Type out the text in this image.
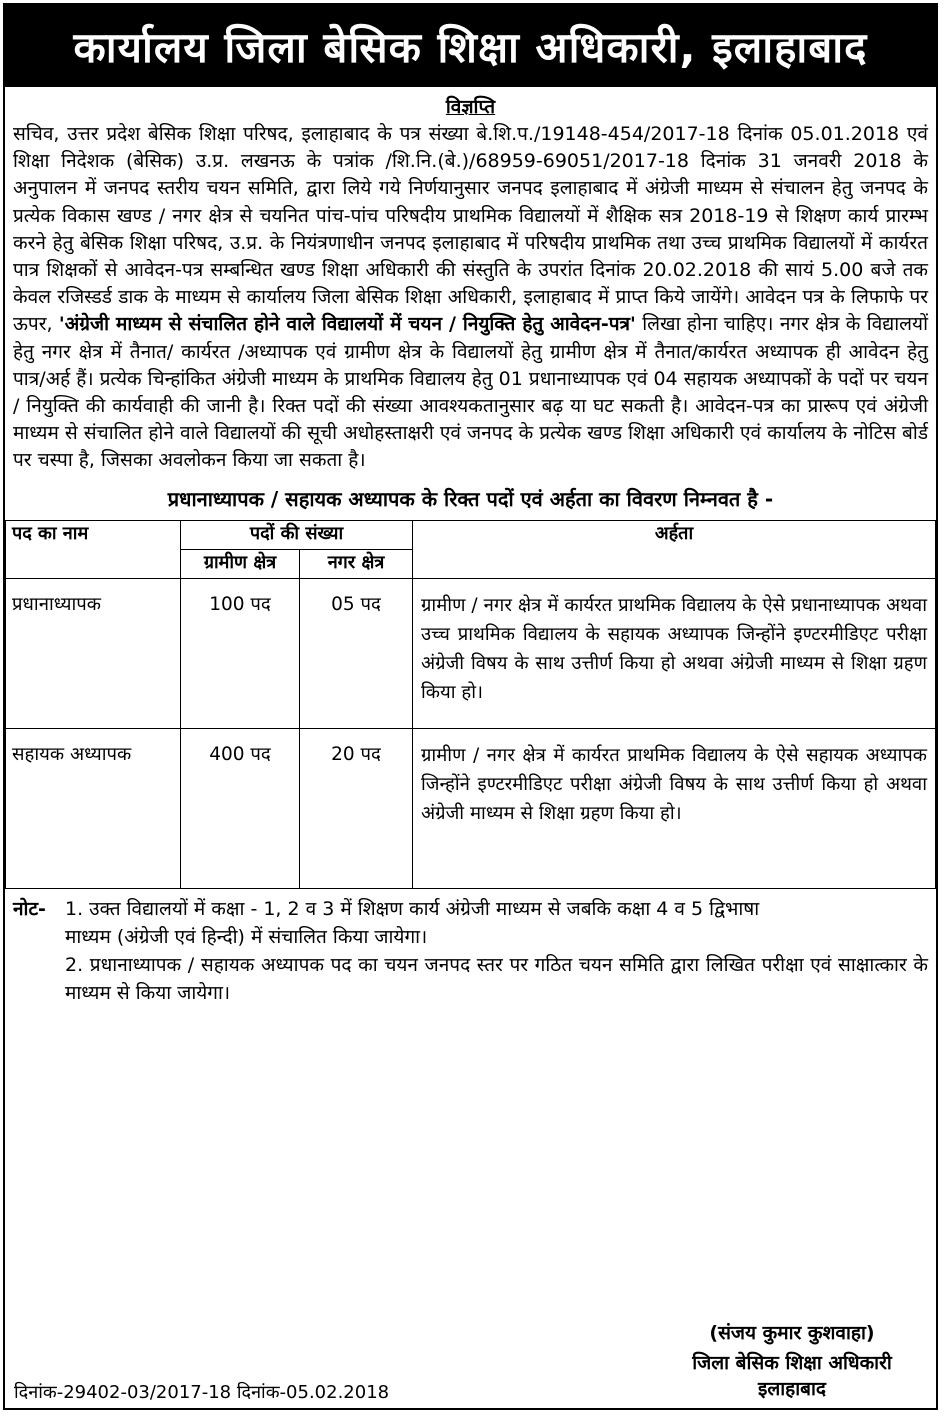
कार्यालय जिला बेसिक शिक्षा अधिकारी, इलाहाबाद
विज्ञप्ति
सचिव, उत्तर प्रदेश बेसिक शिक्षा परिषद, इलाहाबाद के पत्र संख्या बे.शि.प./19148-454/2017-18 दिनांक 05.01.2018 एवं शिक्षा निदेशक (बेसिक) उ.प्र. लखनऊ के पत्रांक /शि.नि.(बे.)/68959-69051/2017-18 दिनांक 31 जनवरी 2018 के अनुपालन में जनपद स्तरीय चयन समिति, द्वारा लिये गये निर्णयानुसार जनपद इलाहाबाद में अंग्रेजी माध्यम से संचालन हेतु जनपद के प्रत्येक विकास खण्ड / नगर क्षेत्र से चयनित पांच-पांच परिषदीय प्राथमिक विद्यालयों में शैक्षिक सत्र 2018-19 से शिक्षण कार्य प्रारम्भ करने हेतु बेसिक शिक्षा परिषद, उ.प्र. के नियंत्रणाधीन जनपद इलाहाबाद में परिषदीय प्राथमिक तथा उच्च प्राथमिक विद्यालयों में कार्यरत पात्र शिक्षकों से आवेदन-पत्र सम्बन्धित खण्ड शिक्षा अधिकारी की संस्तुति के उपरांत दिनांक 20.02.2018 की सायं 5.00 बजे तक केवल रजिस्डर्ड डाक के माध्यम से कार्यालय जिला बेसिक शिक्षा अधिकारी, इलाहाबाद में प्राप्त किये जायेंगे। आवेदन पत्र के लिफाफे पर ऊपर, 'अंग्रेजी माध्यम से संचालित होने वाले विद्यालयों में चयन / नियुक्ति हेतु आवेदन-पत्र' लिखा होना चाहिए। नगर क्षेत्र के विद्यालयों हेतु नगर क्षेत्र में तैनात/ कार्यरत /अध्यापक एवं ग्रामीण क्षेत्र के विद्यालयों हेतु ग्रामीण क्षेत्र में तैनात/कार्यरत अध्यापक ही आवेदन हेतु पात्र/अर्ह हैं। प्रत्येक चिन्हांकित अंग्रेजी माध्यम के प्राथमिक विद्यालय हेतु 01 प्रधानाध्यापक एवं 04 सहायक अध्यापकों के पदों पर चयन / नियुक्ति की कार्यवाही की जानी है। रिक्त पदों की संख्या आवश्यकतानुसार बढ़ या घट सकती है। आवेदन-पत्र का प्रारूप एवं अंग्रेजी माध्यम से संचालित होने वाले विद्यालयों की सूची अधोहस्ताक्षरी एवं जनपद के प्रत्येक खण्ड शिक्षा अधिकारी एवं कार्यालय के नोटिस बोर्ड पर चस्पा है, जिसका अवलोकन किया जा सकता है।
प्रधानाध्यापक / सहायक अध्यापक के रिक्त पदों एवं अर्हता का विवरण निम्नवत है -
पद का नाम	पदों की संख्या		अर्हता
	ग्रामीण क्षेत्र	नगर क्षेत्र	
प्रधानाध्यापक	100 पद	05 पद	ग्रामीण / नगर क्षेत्र में कार्यरत प्राथमिक विद्यालय के ऐसे प्रधानाध्यापक अथवा उच्च प्राथमिक विद्यालय के सहायक अध्यापक जिन्होंने इण्टरमीडिएट परीक्षा अंग्रेजी विषय के साथ उत्तीर्ण किया हो अथवा अंग्रेजी माध्यम से शिक्षा ग्रहण किया हो।
सहायक अध्यापक	400 पद	20 पद	ग्रामीण / नगर क्षेत्र में कार्यरत प्राथमिक विद्यालय के ऐसे सहायक अध्यापक जिन्होंने इण्टरमीडिएट परीक्षा अंग्रेजी विषय के साथ उत्तीर्ण किया हो अथवा अंग्रेजी माध्यम से शिक्षा ग्रहण किया हो।
नोट-	1. उक्त विद्यालयों में कक्षा - 1, 2 व 3 में शिक्षण कार्य अंग्रेजी माध्यम से जबकि कक्षा 4 व 5 द्विभाषा
माध्यम (अंग्रेजी एवं हिन्दी) में संचालित किया जायेगा।
2. प्रधानाध्यापक / सहायक अध्यापक पद का चयन जनपद स्तर पर गठित चयन समिति द्वारा लिखित परीक्षा एवं साक्षात्कार के माध्यम से किया जायेगा।
(संजय कुमार कुशवाहा)
जिला बेसिक शिक्षा अधिकारी
इलाहाबाद
दिनांक-29402-03/2017-18 दिनांक-05.02.2018
